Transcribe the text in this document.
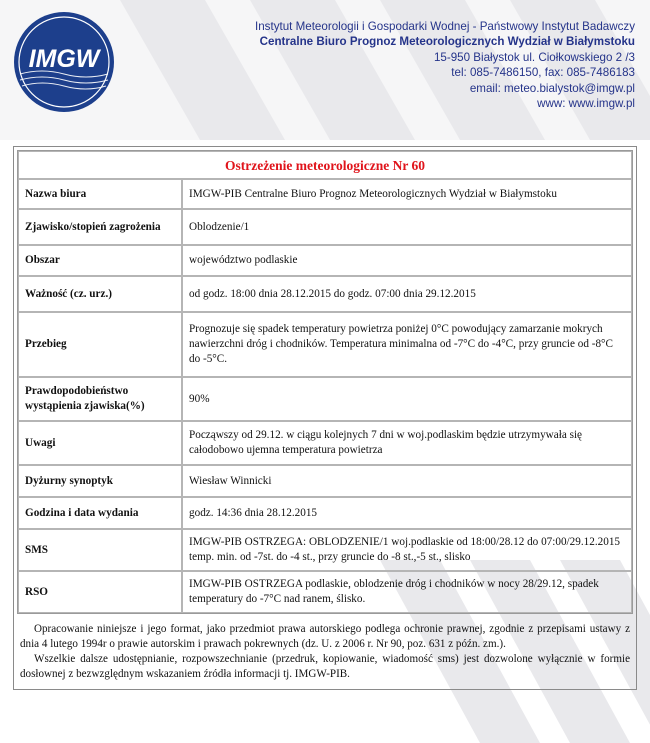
IMGW
Instytut Meteorologii i Gospodarki Wodnej - Państwowy Instytut Badawczy
Centralne Biuro Prognoz Meteorologicznych Wydział w Białymstoku
15-950 Białystok ul. Ciołkowskiego 2 /3
tel: 085-7486150, fax: 085-7486183
email: meteo.bialystok@imgw.pl
www: www.imgw.pl
Ostrzeżenie meteorologiczne Nr 60	
Nazwa biura	IMGW-PIB Centralne Biuro Prognoz Meteorologicznych Wydział w Białymstoku
Zjawisko/stopień zagrożenia	Oblodzenie/1
Obszar	województwo podlaskie
Ważność (cz. urz.)	od godz. 18:00 dnia 28.12.2015 do godz. 07:00 dnia 29.12.2015
Przebieg	Prognozuje się spadek temperatury powietrza poniżej 0°C powodujący zamarzanie mokrych nawierzchni dróg i chodników. Temperatura minimalna od -7°C do -4°C, przy gruncie od -8°C do -5°C.
Prawdopodobieństwo wystąpienia zjawiska(%)	90%
Uwagi	Począwszy od 29.12. w ciągu kolejnych 7 dni w woj.podlaskim będzie utrzymywała się całodobowo ujemna temperatura powietrza
Dyżurny synoptyk	Wiesław Winnicki
Godzina i data wydania	godz. 14:36 dnia 28.12.2015
SMS	IMGW-PIB OSTRZEGA: OBLODZENIE/1 woj.podlaskie od 18:00/28.12 do 07:00/29.12.2015 temp. min. od -7st. do -4 st., przy gruncie do -8 st.,-5 st., slisko
RSO	IMGW-PIB OSTRZEGA podlaskie, oblodzenie dróg i chodników w nocy 28/29.12, spadek temperatury do -7°C nad ranem, ślisko.

Opracowanie niniejsze i jego format, jako przedmiot prawa autorskiego podlega ochronie prawnej, zgodnie z przepisami ustawy z dnia 4 lutego 1994r o prawie autorskim i prawach pokrewnych (dz. U. z 2006 r. Nr 90, poz. 631 z późn. zm.).

Wszelkie dalsze udostępnianie, rozpowszechnianie (przedruk, kopiowanie, wiadomość sms) jest dozwolone wyłącznie w formie dosłownej z bezwzględnym wskazaniem źródła informacji tj. IMGW-PIB.
